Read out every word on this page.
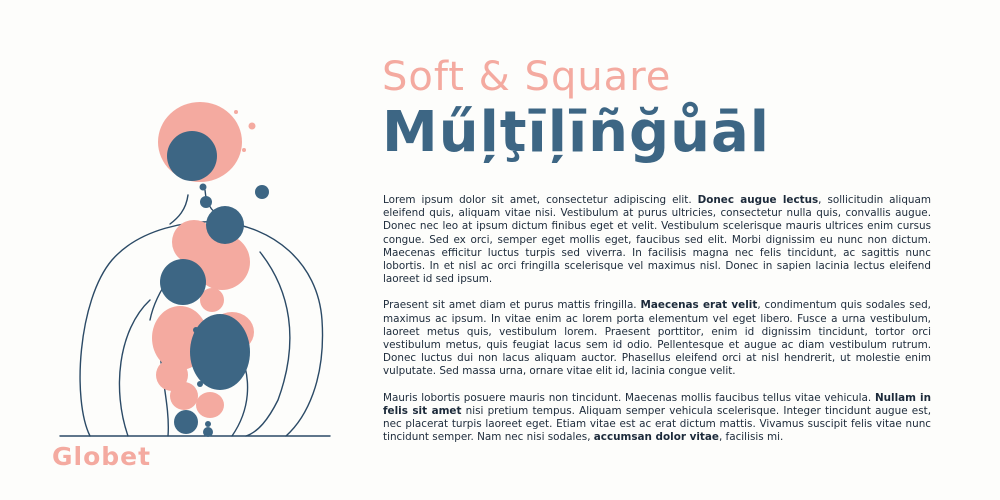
Globet
Soft & Square
Műļţīļīñğůāl

Lorem ipsum dolor sit amet, consectetur adipiscing elit. Donec augue lectus, sollicitudin aliquam eleifend quis, aliquam vitae nisi. Vestibulum at purus ultricies, consectetur nulla quis, convallis augue. Donec nec leo at ipsum dictum finibus eget et velit. Vestibulum scelerisque mauris ultrices enim cursus congue. Sed ex orci, semper eget mollis eget, faucibus sed elit. Morbi dignissim eu nunc non dictum. Maecenas efficitur luctus turpis sed viverra. In facilisis magna nec felis tincidunt, ac sagittis nunc lobortis. In et nisl ac orci fringilla scelerisque vel maximus nisl. Donec in sapien lacinia lectus eleifend laoreet id sed ipsum.

Praesent sit amet diam et purus mattis fringilla. Maecenas erat velit, condimentum quis sodales sed, maximus ac ipsum. In vitae enim ac lorem porta elementum vel eget libero. Fusce a urna vestibulum, laoreet metus quis, vestibulum lorem. Praesent porttitor, enim id dignissim tincidunt, tortor orci vestibulum metus, quis feugiat lacus sem id odio. Pellentesque et augue ac diam vestibulum rutrum. Donec luctus dui non lacus aliquam auctor. Phasellus eleifend orci at nisl hendrerit, ut molestie enim vulputate. Sed massa urna, ornare vitae elit id, lacinia congue velit.

Mauris lobortis posuere mauris non tincidunt. Maecenas mollis faucibus tellus vitae vehicula. Nullam in felis sit amet nisi pretium tempus. Aliquam semper vehicula scelerisque. Integer tincidunt augue est, nec placerat turpis laoreet eget. Etiam vitae est ac erat dictum mattis. Vivamus suscipit felis vitae nunc tincidunt semper. Nam nec nisi sodales, accumsan dolor vitae, facilisis mi.
